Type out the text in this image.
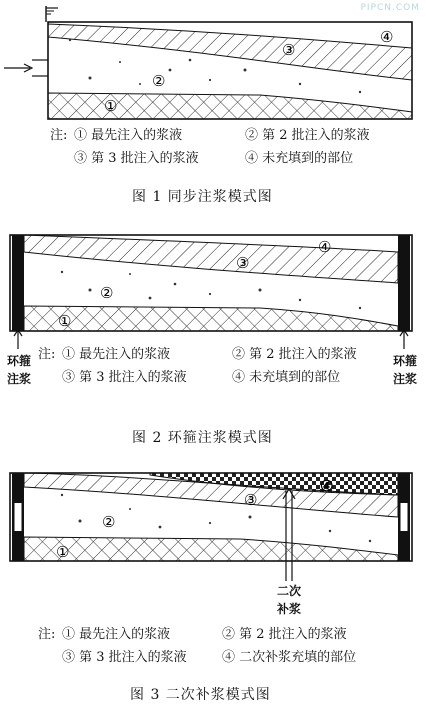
PIPCN.COM
②
③
④
①
注: ① 最先注入的浆液	② 第 2 批注入的浆液
③ 第 3 批注入的浆液	④ 未充填到的部位
图 1 同步注浆模式图
②
③
④
①
环箍
注浆
环箍
注浆
注: ① 最先注入的浆液	② 第 2 批注入的浆液
③ 第 3 批注入的浆液	④ 未充填到的部位
图 2 环箍注浆模式图
②
③
④
①
二次
补浆
注: ① 最先注入的浆液	② 第 2 批注入的浆液
③ 第 3 批注入的浆液	④ 二次补浆充填的部位
图 3 二次补浆模式图
